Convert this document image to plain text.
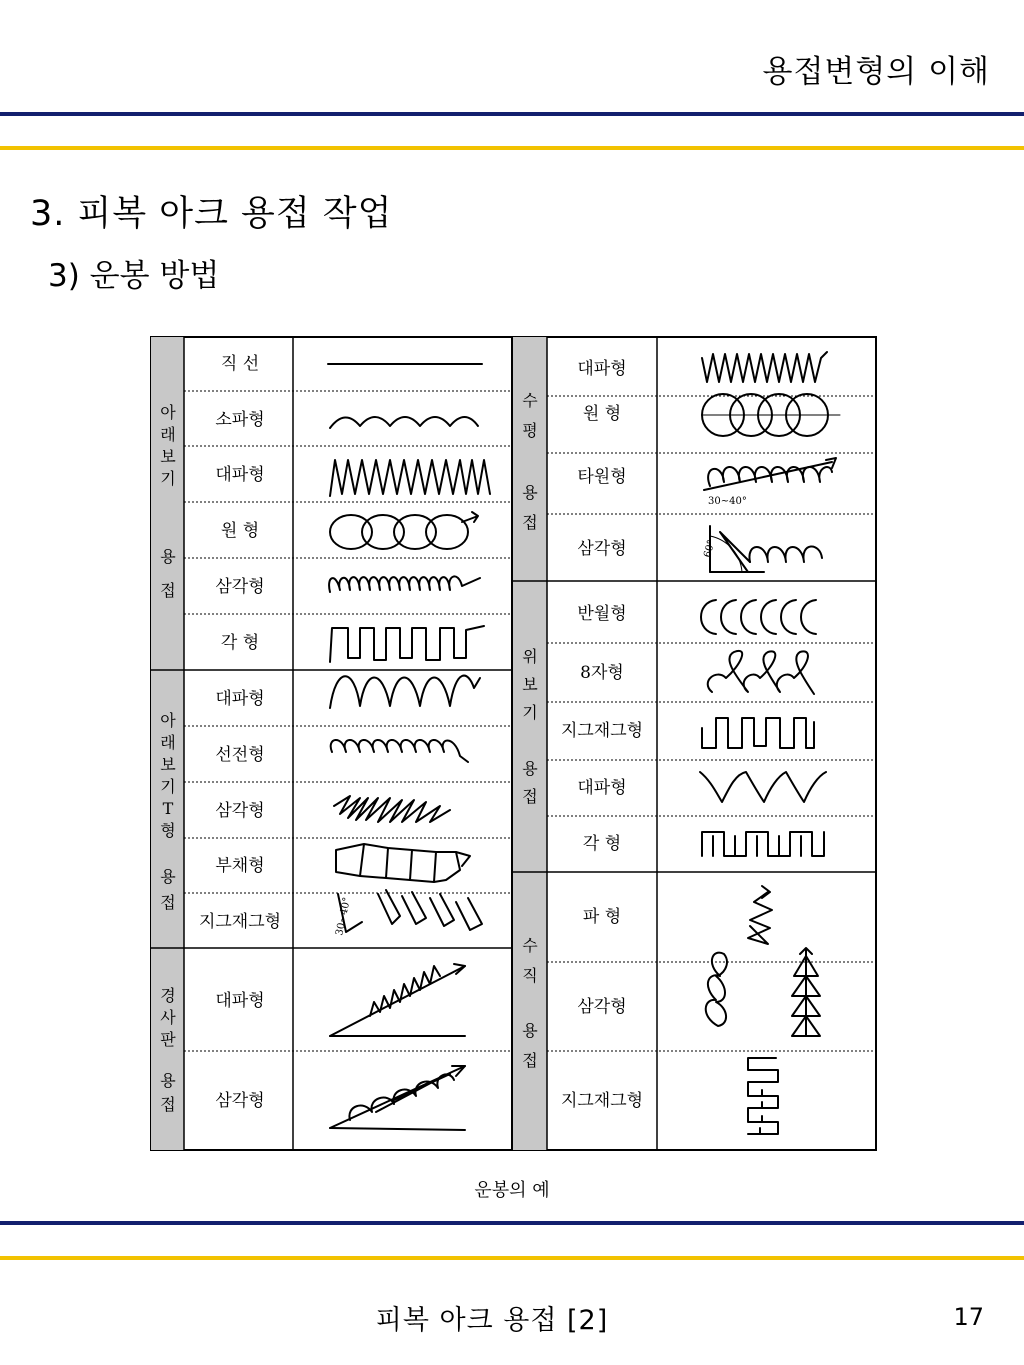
용접변형의 이해
3. 피복 아크 용접 작업
3) 운봉 방법
아
래
보
기
용
접
아
래
보
기
T
형
용
접
경
사
판
용
접
직 선
소파형
대파형
원 형
삼각형
각 형
대파형
선전형
삼각형
부채형
지그재그형
대파형
삼각형
수
평
용
접
위
보
기
용
접
수
직
용
접
대파형
원 형
타원형
삼각형
반월형
8자형
지그재그형
대파형
각 형
파 형
삼각형
지그재그형
30~40°
60°
30~40°
운봉의 예
피복 아크 용접 [2]	17
